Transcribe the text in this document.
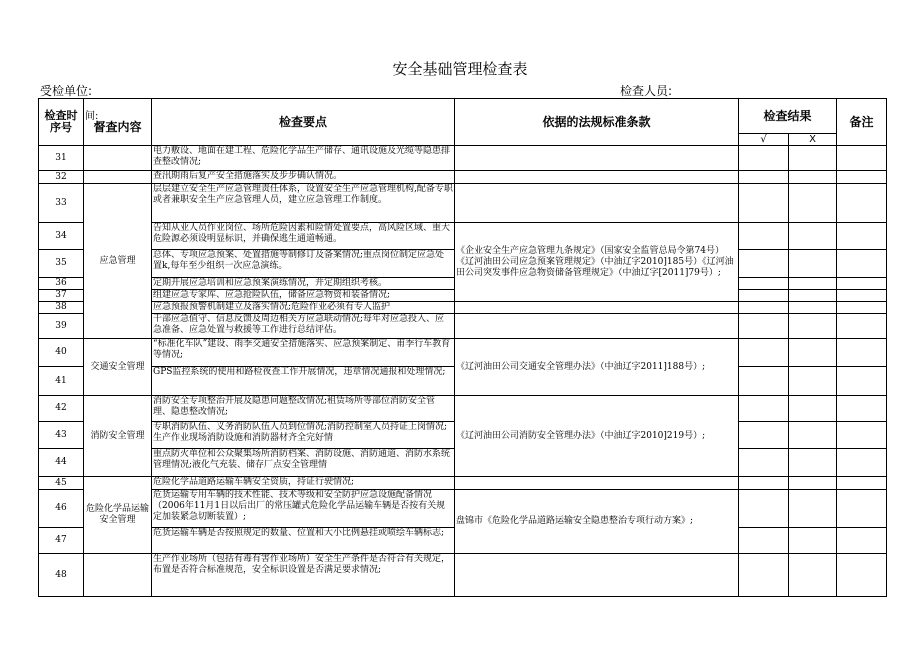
安全基础管理检查表
受检单位:	检查人员:
检查时序号	间:
督查内容	检查要点	依据的法规标准条款	检查结果		备注
				√	X	
31		电力敷设、地面在建工程、危险化学品生产储存、通讯设施及光缆等隐患排查整改情况;				
32		查汛期雨后复产安全措施落实及步步确认情况。				
33	应急管理	层层建立安全生产应急管理责任体系，设置安全生产应急管理机构,配备专职或者兼职安全生产应急管理人员，建立应急管理工作制度。				
34		告知从业人员作业岗位、场所危险因素和险情处置要点，高风险区域、重大危险源必须设明显标识，并确保逃生通道畅通。	《企业安全生产应急管理九条规定》（国家安全监管总局令第74号）《辽河油田公司应急预案管理规定》（中油辽字2010]185号）《辽河油田公司突发事件应急物资储备管理规定》（中油辽字[2011]79号）;			
35		总体、专项应急预案、处置措施等制修订及备案情况;重点岗位制定应急处置k,每年至少组织一次应急演练。				
36		定期开展应急培训和应急预案演练情况，并定期组织考核。				
37		组建应急专家库、应急抢险队伍，储备应急物资和装备情况;				
38		应急预报预警机制建立及落实情况;危险作业必须有专人监护				
39		干部应急值守、信息反馈及周边相关方应急联动情况;每年对应急投入、应急准备、应急处置与救援等工作进行总结评估。				
40	交通安全管理	“标准化车队”建设、雨季交通安全措施落实、应急预案制定、甫季行车教育等情况;	《辽河油田公司交通安全管理办法》（中油辽字2011]188号）;			
41		GPS监控系统的使用和路检夜查工作开展情况，违章情况通报和处理情况;				
42	消防安全管理	消防安全专项整治开展及隐患问题整改情况;租赁场所等部位消防安全管理、隐患整改情况;	《辽河油田公司消防安全管理办法》（中油辽字2010]219号）;			
43		专职消防队伍、义务消防队伍人员到位情况;消防控制室人员持证上岗情况;生产作业现场消防设施和消防器材齐全完好情				
44		重点防火单位和公众聚集场所消防档案、消防设施、消防通道、消防水系统管理情况;液化气充装、储存厂点安全管理情				
45	危险化学品运输安全管理	危险化学品道路运输车辆安全资质，持证行驶情况;				
46		危货运输专用车辆的技术性能、技术等级和安全防护应急设施配备情况（2006年11月1日以后出厂的常压罐式危险化学品运输车辆是否按有关规定加装紧急切断装置）;	盘锦市《危险化学品道路运输安全隐患整治专项行动方案》;			
47		危货运输车辆是否按照规定的数量、位置和大小比例悬挂或喷绘车辆标志;				
48		生产作业场所（包括有毒有害作业场所）安全生产条件是否符合有关规定，布置是否符合标准规范，安全标识设置是否满足要求情况;				
